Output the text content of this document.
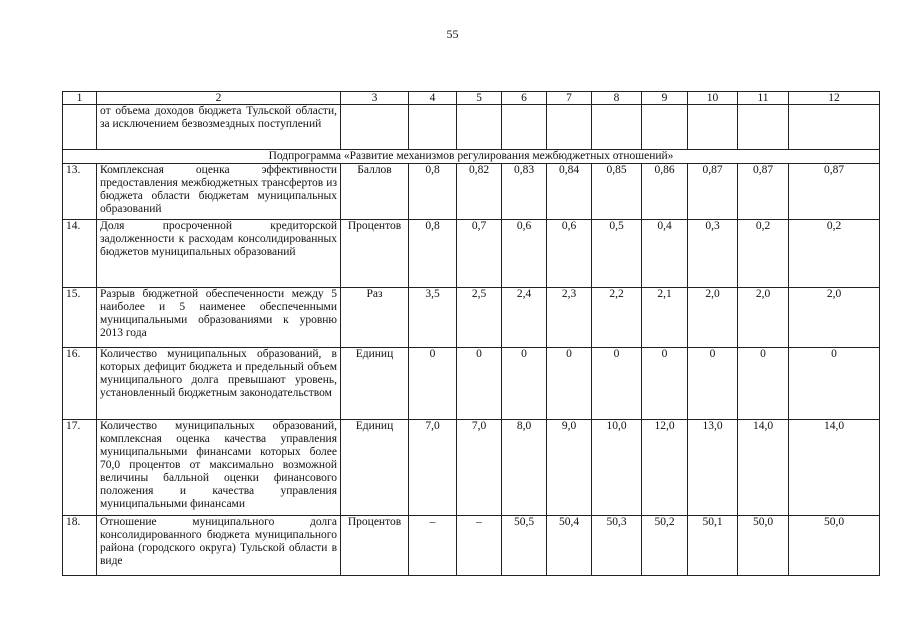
55
1	2	3	4	5	6	7	8	9	10	11	12
	от объема доходов бюджета Тульской области, за исключением безвозмездных поступлений										
Подпрограмма «Развитие механизмов регулирования межбюджетных отношений»											
13.	Комплексная оценка эффективности предоставления межбюджетных трансфертов из бюджета области бюджетам муниципальных образований	Баллов	0,8	0,82	0,83	0,84	0,85	0,86	0,87	0,87	0,87
14.	Доля просроченной кредиторской задолженности к расходам консолидированных бюджетов муниципальных образований	Процентов	0,8	0,7	0,6	0,6	0,5	0,4	0,3	0,2	0,2
15.	Разрыв бюджетной обеспеченности между 5 наиболее и 5 наименее обеспеченными муниципальными образованиями к уровню 2013 года	Раз	3,5	2,5	2,4	2,3	2,2	2,1	2,0	2,0	2,0
16.	Количество муниципальных образований, в которых дефицит бюджета и предельный объем муниципального долга превышают уровень, установленный бюджетным законодательством	Единиц	0	0	0	0	0	0	0	0	0
17.	Количество муниципальных образований, комплексная оценка качества управления муниципальными финансами которых более 70,0 процентов от максимально возможной величины балльной оценки финансового положения и качества управления муниципальными финансами	Единиц	7,0	7,0	8,0	9,0	10,0	12,0	13,0	14,0	14,0
18.	Отношение муниципального долга консолидированного бюджета муниципального района (городского округа) Тульской области в виде	Процентов	–	–	50,5	50,4	50,3	50,2	50,1	50,0	50,0
